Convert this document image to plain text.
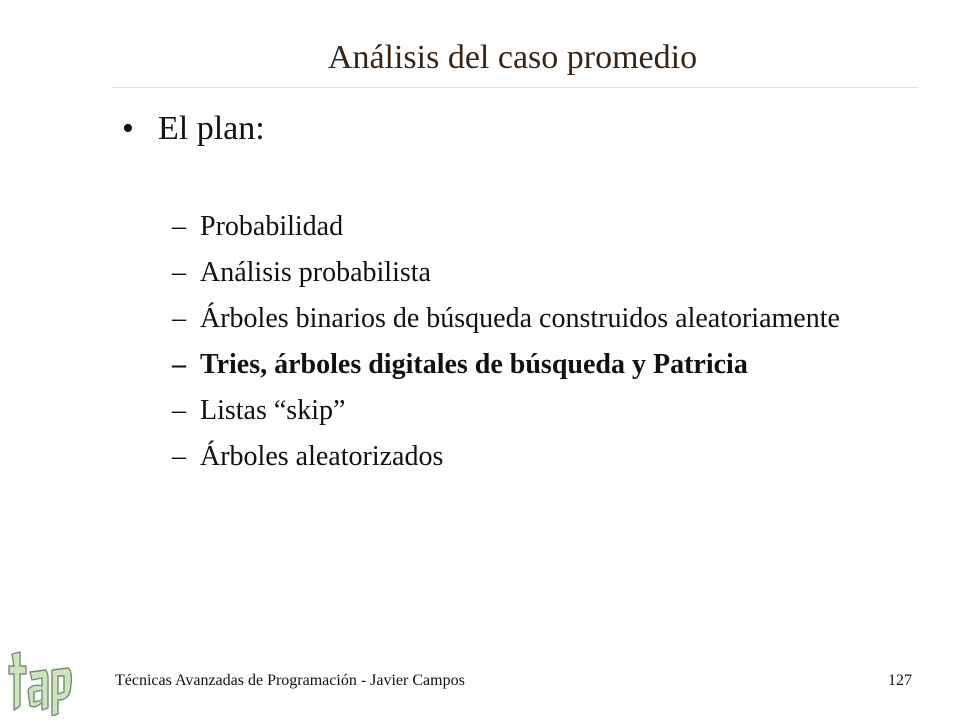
Análisis del caso promedio
• El plan:
– Probabilidad
– Análisis probabilista
– Árboles binarios de búsqueda construidos aleatoriamente
– Tries, árboles digitales de búsqueda y Patricia
– Listas “skip”
– Árboles aleatorizados
Técnicas Avanzadas de Programación - Javier Campos	127
